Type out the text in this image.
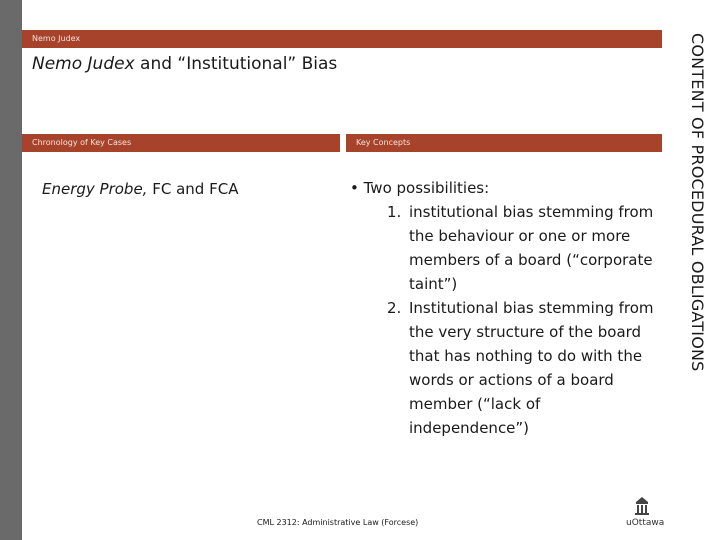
Nemo Judex
Nemo Judex and “Institutional” Bias
Chronology of Key Cases	Key Concepts
Energy Probe, FC and FCA	• Two possibilities:
1. institutional bias stemming from the behaviour or one or more members of a board (“corporate taint”)
2. Institutional bias stemming from the very structure of the board that has nothing to do with the words or actions of a board member (“lack of independence”)
CONTENT OF PROCEDURAL OBLIGATIONS
CML 2312: Administrative Law (Forcese)	uOttawa
